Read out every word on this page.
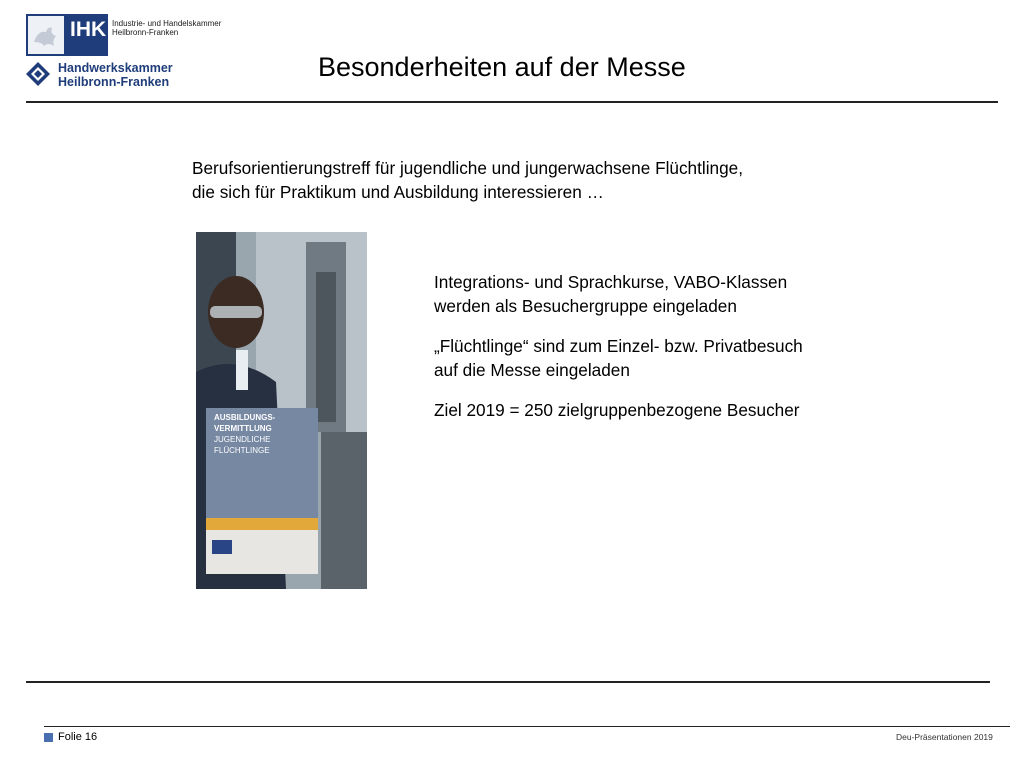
IHK Industrie- und Handelskammer
Heilbronn-Franken
Handwerkskammer
Heilbronn-Franken	Besonderheiten auf der Messe
Berufsorientierungstreff für jugendliche und jungerwachsene Flüchtlinge,
die sich für Praktikum und Ausbildung interessieren …
AUSBILDUNGS-
VERMITTLUNG
JUGENDLICHE
FLÜCHTLINGE

Integrations- und Sprachkurse, VABO-Klassen
werden als Besuchergruppe eingeladen

„Flüchtlinge“ sind zum Einzel- bzw. Privatbesuch
auf die Messe eingeladen

Ziel 2019 = 250 zielgruppenbezogene Besucher

Folie 16	Deu-Präsentationen 2019
